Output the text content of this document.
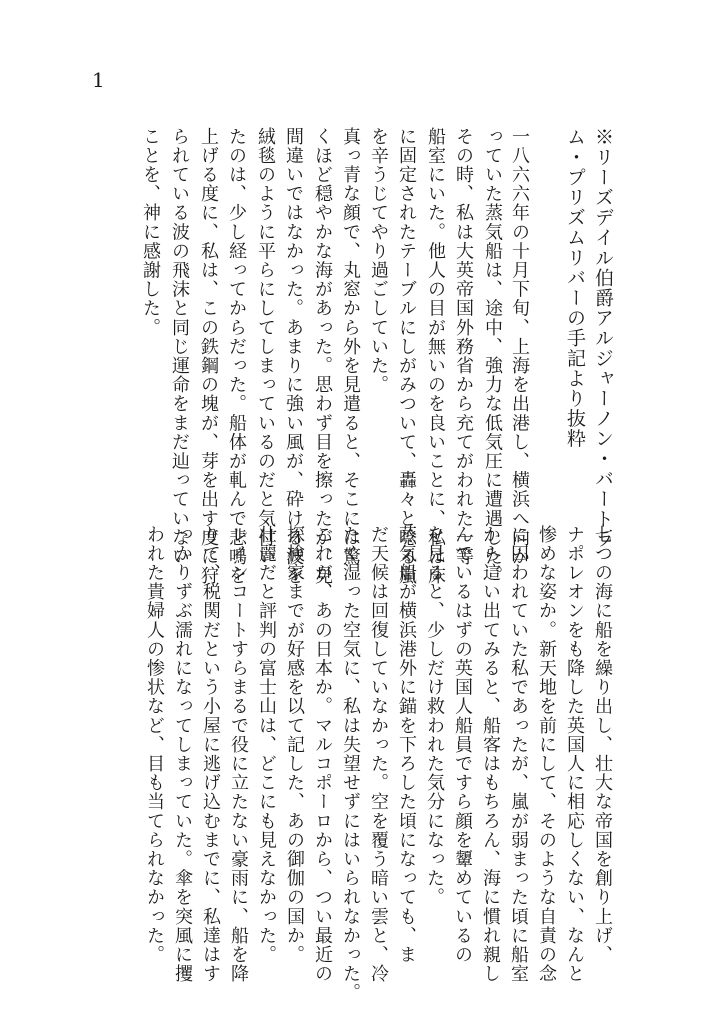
1

※リーズデイル伯爵アルジャーノン・バートラ

ム・プリズムリバーの手記より抜粋

一八六六年の十月下旬、上海を出港し、横浜へ向か

っていた蒸気船は、途中、強力な低気圧に遭遇した。

その時、私は大英帝国外務省から充てがわれた一等

船室にいた。他人の目が無いのを良いことに、私は床

に固定されたテーブルにしがみついて、轟々と唸る嵐

を辛うじてやり過ごしていた。

真っ青な顔で、丸窓から外を見遣ると、そこには驚

くほど穏やかな海があった。思わず目を擦ったが、見

間違いではなかった。あまりに強い風が、砕ける波を

絨毯のように平らにしてしまっているのだと気付い

たのは、少し経ってからだった。船体が軋んで悲鳴を

上げる度に、私は、この鉄鋼の塊が、芽を出す度に狩

られている波の飛沫と同じ運命をまだ辿っていない

ことを、神に感謝した。

七つの海に船を繰り出し、壮大な帝国を創り上げ、

ナポレオンをも降した英国人に相応しくない、なんと

惨めな姿か。新天地を前にして、そのような自責の念

に囚われていた私であったが、嵐が弱まった頃に船室

から這い出てみると、船客はもちろん、海に慣れ親し

んでいるはずの英国人船員ですら顔を顰めているの

を見ると、少しだけ救われた気分になった。

蒸気船が横浜港外に錨を下ろした頃になっても、ま

だ天候は回復していなかった。空を覆う暗い雲と、冷

たく湿った空気に、私は失望せずにはいられなかった。

これが、あの日本か。マルコポーロから、つい最近の

探検家までが好感を以て記した、あの御伽の国か。

壮麗だと評判の富士山は、どこにも見えなかった。

レインコートすらまるで役に立たない豪雨に、船を降

りて、税関だという小屋に逃げ込むまでに、私達はす

っかりずぶ濡れになってしまっていた。傘を突風に攫

われた貴婦人の惨状など、目も当てられなかった。
